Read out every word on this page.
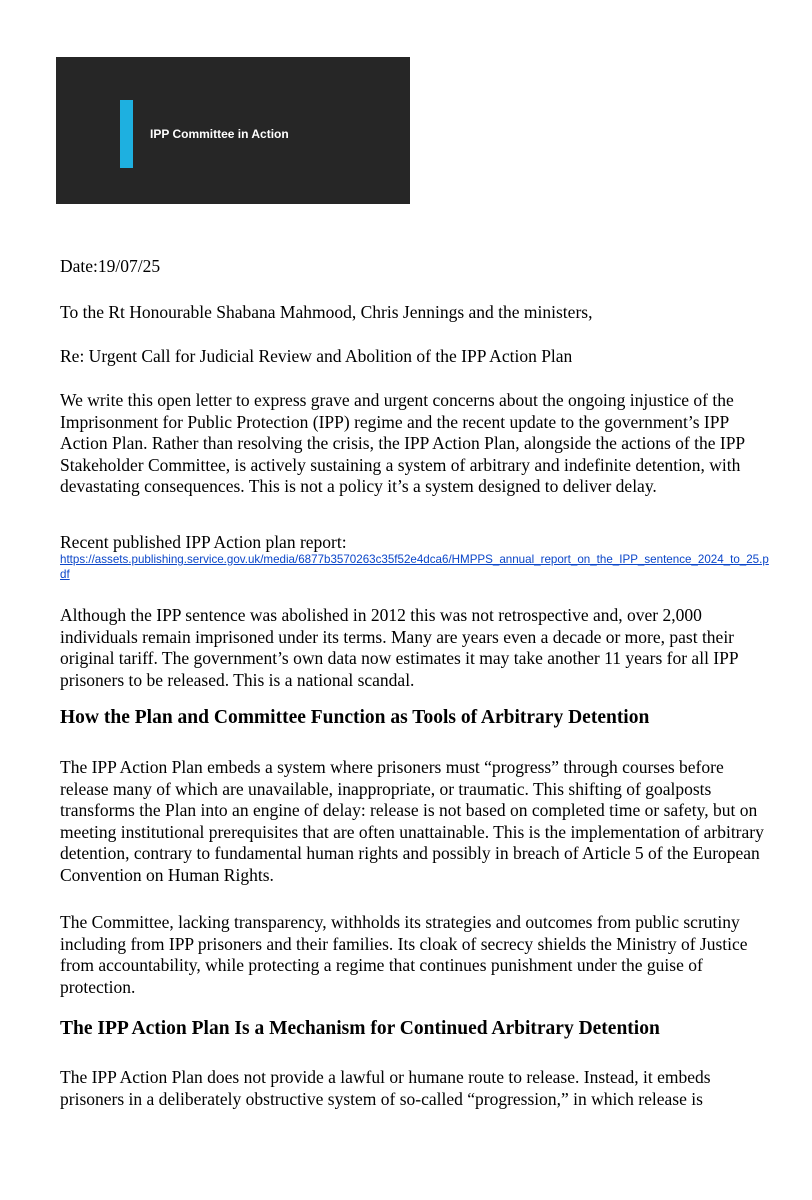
IPP Committee in Action

Date:19/07/25

To the Rt Honourable Shabana Mahmood, Chris Jennings and the ministers,

Re: Urgent Call for Judicial Review and Abolition of the IPP Action Plan

We write this open letter to express grave and urgent concerns about the ongoing injustice of the Imprisonment for Public Protection (IPP) regime and the recent update to the government’s IPP Action Plan. Rather than resolving the crisis, the IPP Action Plan, alongside the actions of the IPP Stakeholder Committee, is actively sustaining a system of arbitrary and indefinite detention, with devastating consequences. This is not a policy it’s a system designed to deliver delay.

Recent published IPP Action plan report:

https://assets.publishing.service.gov.uk/media/6877b3570263c35f52e4dca6/HMPPS_annual_report_on_the_IPP_sentence_2024_to_25.pdf

Although the IPP sentence was abolished in 2012 this was not retrospective and, over 2,000 individuals remain imprisoned under its terms. Many are years even a decade or more, past their original tariff. The government’s own data now estimates it may take another 11 years for all IPP prisoners to be released. This is a national scandal.

How the Plan and Committee Function as Tools of Arbitrary Detention

The IPP Action Plan embeds a system where prisoners must “progress” through courses before release many of which are unavailable, inappropriate, or traumatic. This shifting of goalposts transforms the Plan into an engine of delay: release is not based on completed time or safety, but on meeting institutional prerequisites that are often unattainable. This is the implementation of arbitrary detention, contrary to fundamental human rights and possibly in breach of Article 5 of the European Convention on Human Rights.

The Committee, lacking transparency, withholds its strategies and outcomes from public scrutiny including from IPP prisoners and their families. Its cloak of secrecy shields the Ministry of Justice from accountability, while protecting a regime that continues punishment under the guise of protection.

The IPP Action Plan Is a Mechanism for Continued Arbitrary Detention

The IPP Action Plan does not provide a lawful or humane route to release. Instead, it embeds prisoners in a deliberately obstructive system of so-called “progression,” in which release is
